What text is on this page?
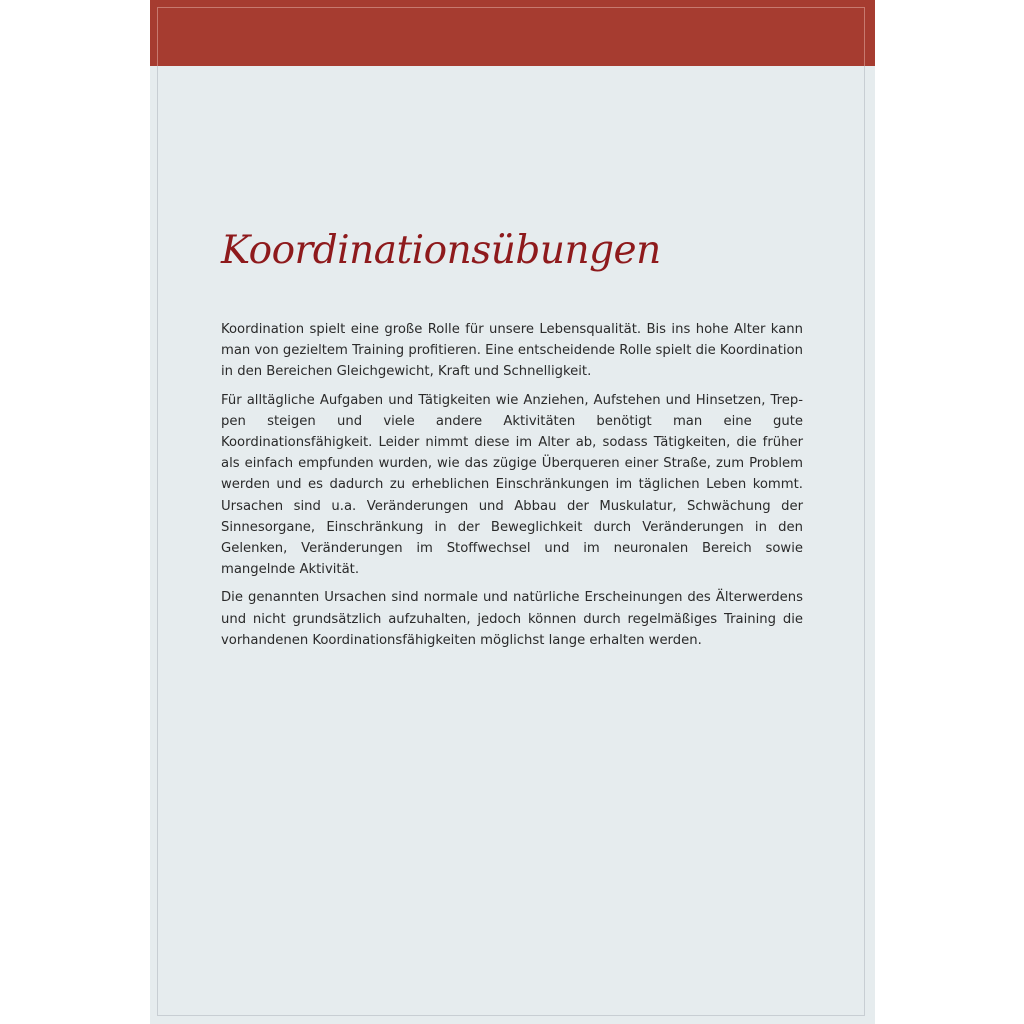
Koordinationsübungen

Koordination spielt eine große Rolle für unsere Lebensqualität. Bis ins hohe Alter kann man von gezieltem Training profitieren. Eine entscheidende Rolle spielt die Koordination in den Bereichen Gleichgewicht, Kraft und Schnelligkeit.

Für alltägliche Aufgaben und Tätigkeiten wie Anziehen, Aufstehen und Hinsetzen, Treppen steigen und viele andere Aktivitäten benötigt man eine gute Koordinationsfähigkeit. Leider nimmt diese im Alter ab, sodass Tätigkeiten, die früher als einfach empfunden wurden, wie das zügige Überqueren einer Straße, zum Problem werden und es dadurch zu erheblichen Einschränkungen im täglichen Leben kommt. Ursachen sind u.a. Veränderungen und Abbau der Muskulatur, Schwächung der Sinnesorgane, Einschränkung in der Beweglichkeit durch Veränderungen in den Gelenken, Veränderungen im Stoffwechsel und im neuronalen Bereich sowie mangelnde Aktivität.

Die genannten Ursachen sind normale und natürliche Erscheinungen des Älterwerdens und nicht grundsätzlich aufzuhalten, jedoch können durch regelmäßiges Training die vorhandenen Koordinationsfähigkeiten möglichst lange erhalten werden.
